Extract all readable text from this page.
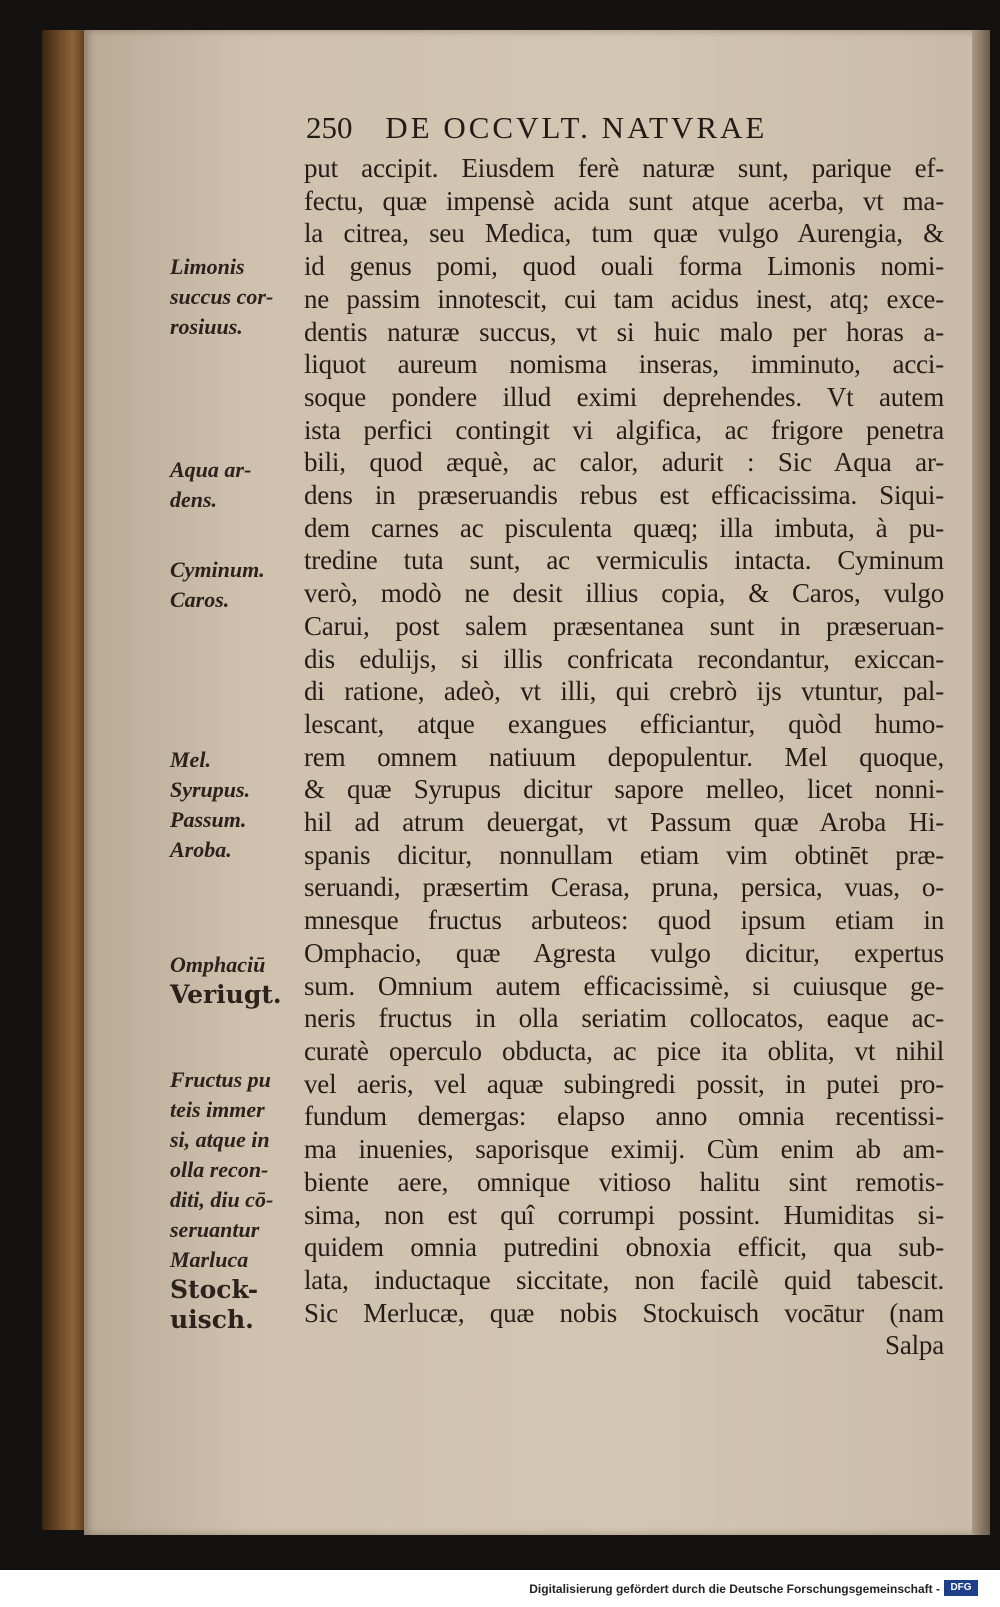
250 DE OCCVLT. NATVRAE
put accipit. Eiusdem ferè naturæ sunt, parique ef-
fectu, quæ impensè acida sunt atque acerba, vt ma-
la citrea, seu Medica, tum quæ vulgo Aurengia, &
id genus pomi, quod ouali forma Limonis nomi-
ne passim innotescit, cui tam acidus inest, atq; exce-
dentis naturæ succus, vt si huic malo per horas a-
liquot aureum nomisma inseras, imminuto, acci-
soque pondere illud eximi deprehendes. Vt autem
ista perfici contingit vi algifica, ac frigore penetra
bili, quod æquè, ac calor, adurit : Sic Aqua ar-
dens in præseruandis rebus est efficacissima. Siqui-
dem carnes ac pisculenta quæq; illa imbuta, à pu-
tredine tuta sunt, ac vermiculis intacta. Cyminum
verò, modò ne desit illius copia, & Caros, vulgo
Carui, post salem præsentanea sunt in præseruan-
dis edulijs, si illis confricata recondantur, exiccan-
di ratione, adeò, vt illi, qui crebrò ijs vtuntur, pal-
lescant, atque exangues efficiantur, quòd humo-
rem omnem natiuum depopulentur. Mel quoque,
& quæ Syrupus dicitur sapore melleo, licet nonni-
hil ad atrum deuergat, vt Passum quæ Aroba Hi-
spanis dicitur, nonnullam etiam vim obtinēt præ-
seruandi, præsertim Cerasa, pruna, persica, vuas, o-
mnesque fructus arbuteos: quod ipsum etiam in
Omphacio, quæ Agresta vulgo dicitur, expertus
sum. Omnium autem efficacissimè, si cuiusque ge-
neris fructus in olla seriatim collocatos, eaque ac-
curatè operculo obducta, ac pice ita oblita, vt nihil
vel aeris, vel aquæ subingredi possit, in putei pro-
fundum demergas: elapso anno omnia recentissi-
ma inuenies, saporisque eximij. Cùm enim ab am-
biente aere, omnique vitioso halitu sint remotis-
sima, non est quî corrumpi possint. Humiditas si-
quidem omnia putredini obnoxia efficit, qua sub-
lata, inductaque siccitate, non facilè quid tabescit.
Sic Merlucæ, quæ nobis Stockuisch vocātur (nam
Salpa
Limonis
succus cor-
rosiuus.
Aqua ar-
dens.
Cyminum.
Caros.
Mel.
Syrupus.
Passum.
Aroba.
Omphaciū
Veriugt.
Fructus pu
teis immer
si, atque in
olla recon-
diti, diu cō-
seruantur
Marluca
Stock-
uisch.
Digitalisierung gefördert durch die Deutsche Forschungsgemeinschaft -	DFG
